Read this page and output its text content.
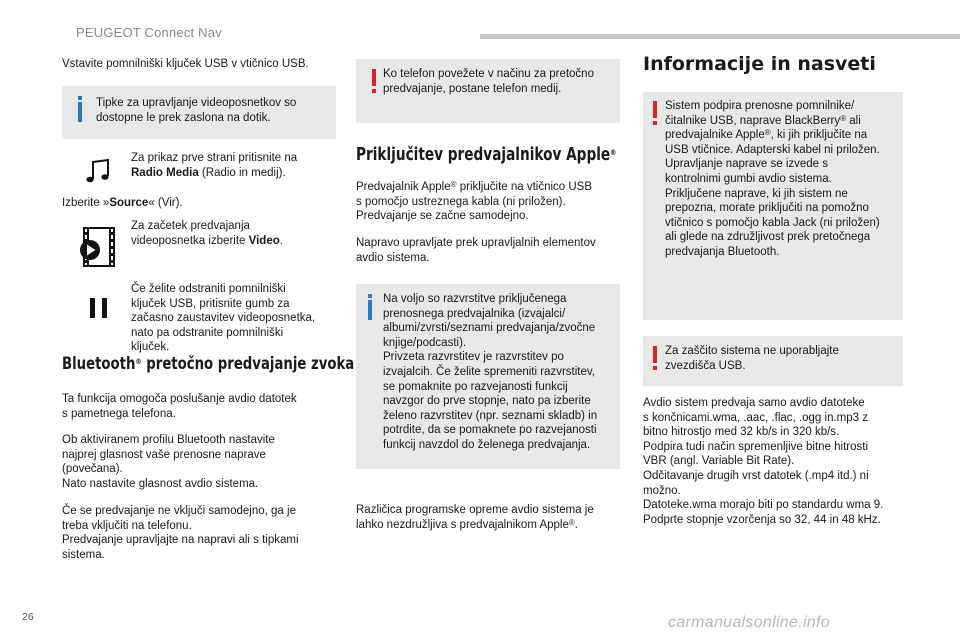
PEUGEOT Connect Nav
26	carmanualsonline.info
Vstavite pomnilniški ključek USB v vtičnico USB.
Tipke za upravljanje videoposnetkov so
dostopne le prek zaslona na dotik.
Za prikaz prve strani pritisnite na
Radio Media (Radio in medij).
Izberite »Source« (Vir).
Za začetek predvajanja
videoposnetka izberite Video.
Če želite odstraniti pomnilniški
ključek USB, pritisnite gumb za
začasno zaustavitev videoposnetka,
nato pa odstranite pomnilniški
ključek.
Bluetooth® pretočno predvajanje zvoka
Ta funkcija omogoča poslušanje avdio datotek
s pametnega telefona.
Ob aktiviranem profilu Bluetooth nastavite
najprej glasnost vaše prenosne naprave
(povečana).
Nato nastavite glasnost avdio sistema.
Če se predvajanje ne vključi samodejno, ga je
treba vključiti na telefonu.
Predvajanje upravljajte na napravi ali s tipkami
sistema.
Ko telefon povežete v načinu za pretočno
predvajanje, postane telefon medij.
Priključitev predvajalnikov Apple®
Predvajalnik Apple® priključite na vtičnico USB
s pomočjo ustreznega kabla (ni priložen).
Predvajanje se začne samodejno.
Napravo upravljate prek upravljalnih elementov
avdio sistema.
Na voljo so razvrstitve priključenega
prenosnega predvajalnika (izvajalci/
albumi/zvrsti/seznami predvajanja/zvočne
knjige/podcasti).
Privzeta razvrstitev je razvrstitev po
izvajalcih. Če želite spremeniti razvrstitev,
se pomaknite po razvejanosti funkcij
navzgor do prve stopnje, nato pa izberite
želeno razvrstitev (npr. seznami skladb) in
potrdite, da se pomaknete po razvejanosti
funkcij navzdol do želenega predvajanja.
Različica programske opreme avdio sistema je
lahko nezdružljiva s predvajalnikom Apple®.
Informacije in nasveti
Sistem podpira prenosne pomnilnike/
čitalnike USB, naprave BlackBerry® ali
predvajalnike Apple®, ki jih priključite na
USB vtičnice. Adapterski kabel ni priložen.
Upravljanje naprave se izvede s
kontrolnimi gumbi avdio sistema.
Priključene naprave, ki jih sistem ne
prepozna, morate priključiti na pomožno
vtičnico s pomočjo kabla Jack (ni priložen)
ali glede na združljivost prek pretočnega
predvajanja Bluetooth.
Za zaščito sistema ne uporabljajte
zvezdišča USB.
Avdio sistem predvaja samo avdio datoteke
s končnicami.wma, .aac, .flac, .ogg in.mp3 z
bitno hitrostjo med 32 kb/s in 320 kb/s.
Podpira tudi način spremenljive bitne hitrosti
VBR (angl. Variable Bit Rate).
Odčitavanje drugih vrst datotek (.mp4 itd.) ni
možno.
Datoteke.wma morajo biti po standardu wma 9.
Podprte stopnje vzorčenja so 32, 44 in 48 kHz.
